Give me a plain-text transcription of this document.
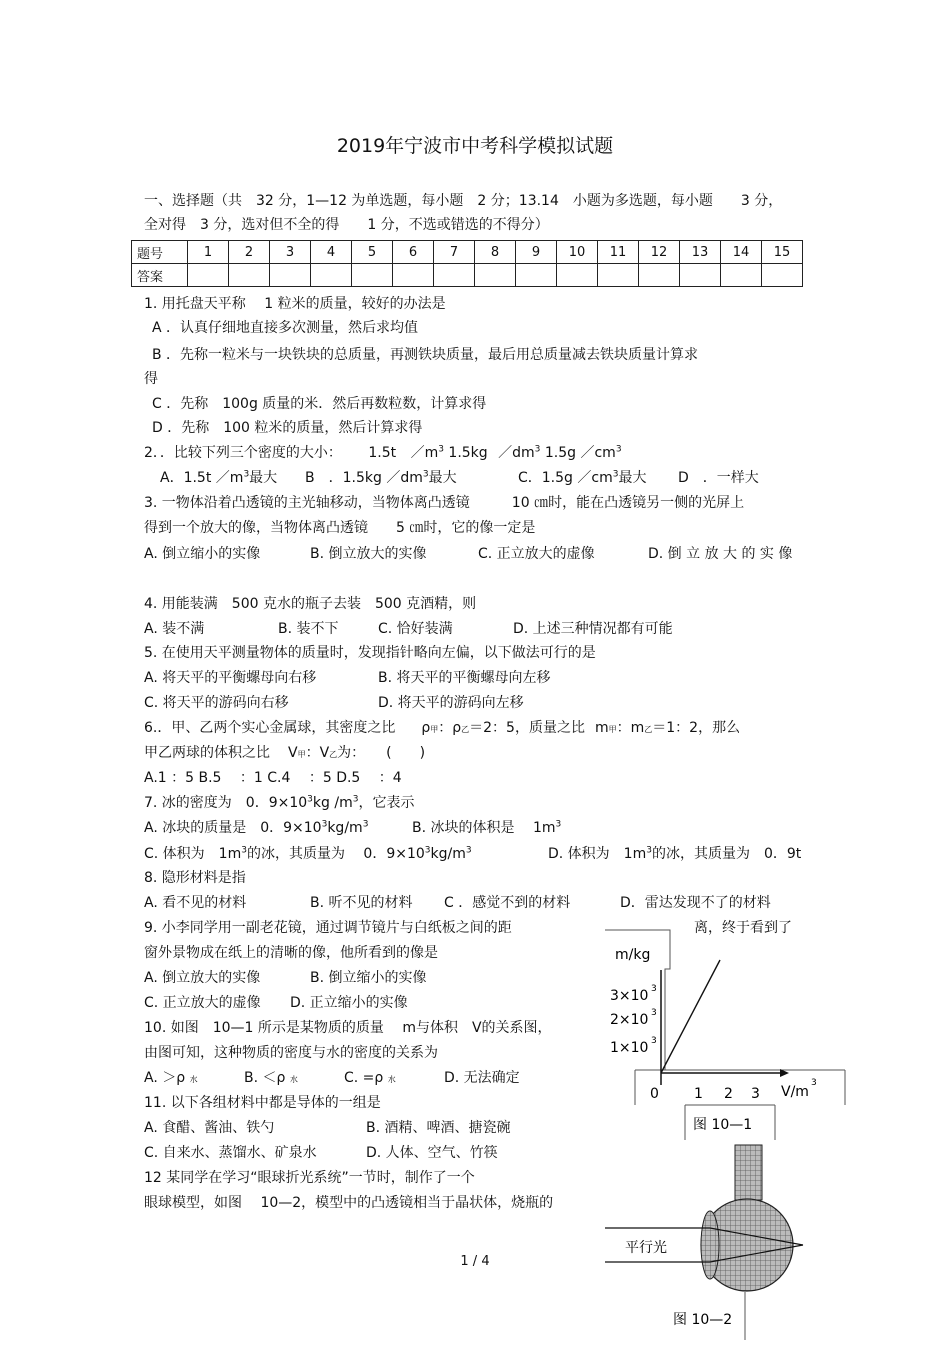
2019年宁波市中考科学模拟试题
一、选择题（共　32 分，1—12 为单选题，每小题　2 分；13.14　小题为多选题，每小题　　3 分，
全对得　3 分，选对但不全的得　　1 分，不选或错选的不得分）
题号	1	2	3	4	5	6	7	8	9	10	11	12	13	14	15
答案															
1. 用托盘天平称　 1 粒米的质量，较好的办法是
A ．认真仔细地直接多次测量，然后求均值
B ．先称一粒米与一块铁块的总质量，再测铁块质量，最后用总质量减去铁块质量计算求
得
C ．先称　100g 质量的米．然后再数粒数，计算求得
D ．先称　100 粒米的质量，然后计算求得
2．．比较下列三个密度的大小： 1.5t $/m^3$ 1.5kg $/dm^3$ 1.5g $/cm^3$
A．1.5t $/m^3$最大 B　．1.5kg $/dm^3$最大	C．1.5g $/cm^3$最大 D　．一样大
3. 一物体沿着凸透镜的主光轴移动，当物体离凸透镜　　　10 ㎝时，能在凸透镜另一侧的光屏上
得到一个放大的像，当物体离凸透镜　　5 ㎝时，它的像一定是
A. 倒立缩小的实像	B. 倒立放大的实像	C. 正立放大的虚像	D. 倒 立 放 大 的 实 像
4. 用能装满　500 克水的瓶子去装　500 克酒精，则
A. 装不满	B. 装不下	C. 恰好装满	D. 上述三种情况都有可能
5. 在使用天平测量物体的质量时，发现指针略向左偏，以下做法可行的是
A. 将天平的平衡螺母向右移	B. 将天平的平衡螺母向左移
C. 将天平的游码向右移	D. 将天平的游码向左移
6.．甲、乙两个实心金属球，其密度之比 ρ甲：ρ乙＝2：5，质量之比 m甲：m乙＝1：2，那么
甲乙两球的体积之比 V甲：V乙为：　　(　　)
A.1 ：5 B.5 　：1 C.4 　：5 D.5 　：4
7. 冰的密度为　0．$9\times 10^3kg$ $/m^3$，它表示
A. 冰块的质量是　0．$9\times 10^3kg/m^3$	B. 冰块的体积是　 $1m^3$
C. 体积为　$1m^3$的冰，其质量为　 0．$9\times 10^3kg/m^3$	D. 体积为　$1m^3$的冰，其质量为　0．9t
8. 隐形材料是指
A. 看不见的材料	B. 听不见的材料 C ．感觉不到的材料	D．雷达发现不了的材料
9. 小李同学用一副老花镜，通过调节镜片与白纸板之间的距	离，终于看到了
窗外景物成在纸上的清晰的像，他所看到的像是
A. 倒立放大的实像	B. 倒立缩小的实像
C. 正立放大的虚像 D. 正立缩小的实像
10. 如图　10—1 所示是某物质的质量　 m与体积　V的关系图，
由图可知，这种物质的密度与水的密度的关系为
A. ＞ρ 水	B. ＜ρ 水	C. =ρ 水	D. 无法确定
11. 以下各组材料中都是导体的一组是
A. 食醋、酱油、铁勺	B. 酒精、啤酒、搪瓷碗
C. 自来水、蒸馏水、矿泉水	D. 人体、空气、竹筷
12 某同学在学习“眼球折光系统”一节时，制作了一个
眼球模型，如图　 10—2，模型中的凸透镜相当于晶状体，烧瓶的
m/kg
3×10 3
2×10 3
1×10 3
0	1 2 3 V/m
3
图 10—1
平行光
图 10—2
1 / 4
